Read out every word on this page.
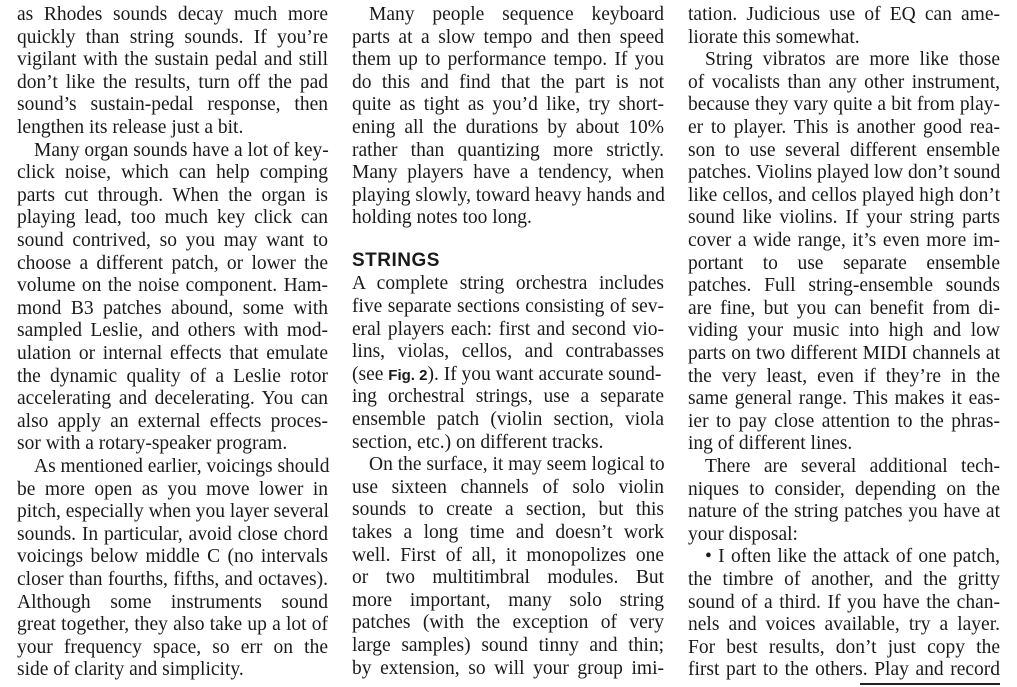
as Rhodes sounds decay much more
quickly than string sounds. If you’re
vigilant with the sustain pedal and still
don’t like the results, turn off the pad
sound’s sustain-pedal response, then
lengthen its release just a bit.
Many organ sounds have a lot of key-
click noise, which can help comping
parts cut through. When the organ is
playing lead, too much key click can
sound contrived, so you may want to
choose a different patch, or lower the
volume on the noise component. Ham-
mond B3 patches abound, some with
sampled Leslie, and others with mod-
ulation or internal effects that emulate
the dynamic quality of a Leslie rotor
accelerating and decelerating. You can
also apply an external effects proces-
sor with a rotary-speaker program.
As mentioned earlier, voicings should
be more open as you move lower in
pitch, especially when you layer several
sounds. In particular, avoid close chord
voicings below middle C (no intervals
closer than fourths, fifths, and octaves).
Although some instruments sound
great together, they also take up a lot of
your frequency space, so err on the
side of clarity and simplicity.
Many people sequence keyboard
parts at a slow tempo and then speed
them up to performance tempo. If you
do this and find that the part is not
quite as tight as you’d like, try short-
ening all the durations by about 10%
rather than quantizing more strictly.
Many players have a tendency, when
playing slowly, toward heavy hands and
holding notes too long.
STRINGS
A complete string orchestra includes
five separate sections consisting of sev-
eral players each: first and second vio-
lins, violas, cellos, and contrabasses
(see Fig. 2). If you want accurate sound-
ing orchestral strings, use a separate
ensemble patch (violin section, viola
section, etc.) on different tracks.
On the surface, it may seem logical to
use sixteen channels of solo violin
sounds to create a section, but this
takes a long time and doesn’t work
well. First of all, it monopolizes one
or two multitimbral modules. But
more important, many solo string
patches (with the exception of very
large samples) sound tinny and thin;
by extension, so will your group imi-
tation. Judicious use of EQ can ame-
liorate this somewhat.
String vibratos are more like those
of vocalists than any other instrument,
because they vary quite a bit from play-
er to player. This is another good rea-
son to use several different ensemble
patches. Violins played low don’t sound
like cellos, and cellos played high don’t
sound like violins. If your string parts
cover a wide range, it’s even more im-
portant to use separate ensemble
patches. Full string-ensemble sounds
are fine, but you can benefit from di-
viding your music into high and low
parts on two different MIDI channels at
the very least, even if they’re in the
same general range. This makes it eas-
ier to pay close attention to the phras-
ing of different lines.
There are several additional tech-
niques to consider, depending on the
nature of the string patches you have at
your disposal:
• I often like the attack of one patch,
the timbre of another, and the gritty
sound of a third. If you have the chan-
nels and voices available, try a layer.
For best results, don’t just copy the
first part to the others. Play and record
